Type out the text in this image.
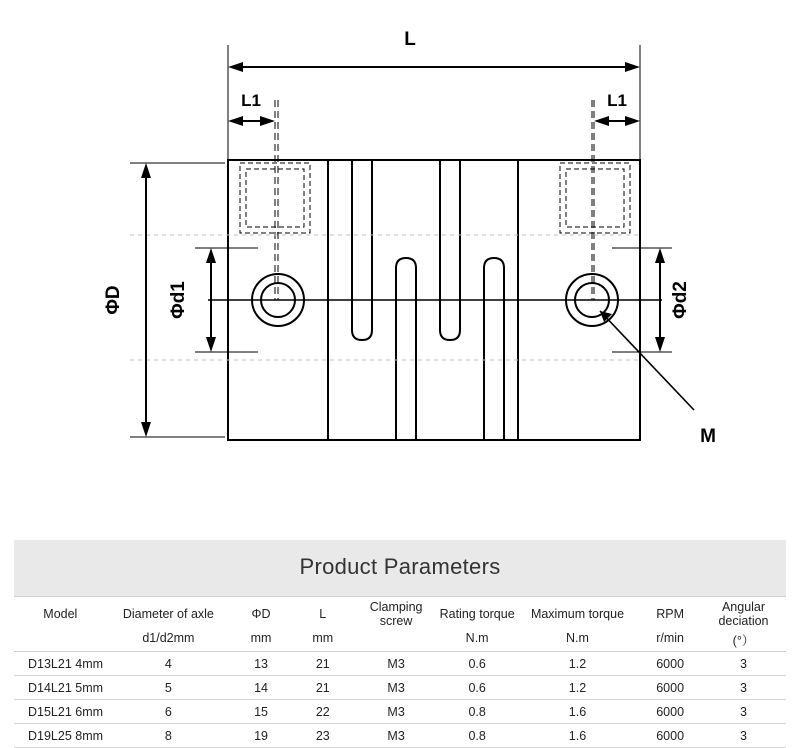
L
L1	L1
ΦD Φd1	Φd2
M
Product Parameters
Model	Diameter of axle	ΦD	L	Clamping screw	Rating torque	Maximum torque	RPM	Angular deciation
	d1/d2mm	mm	mm		N.m	N.m	r/min	(°）
D13L21 4mm	4	13	21	M3	0.6	1.2	6000	3
D14L21 5mm	5	14	21	M3	0.6	1.2	6000	3
D15L21 6mm	6	15	22	M3	0.8	1.6	6000	3
D19L25 8mm	8	19	23	M3	0.8	1.6	6000	3
